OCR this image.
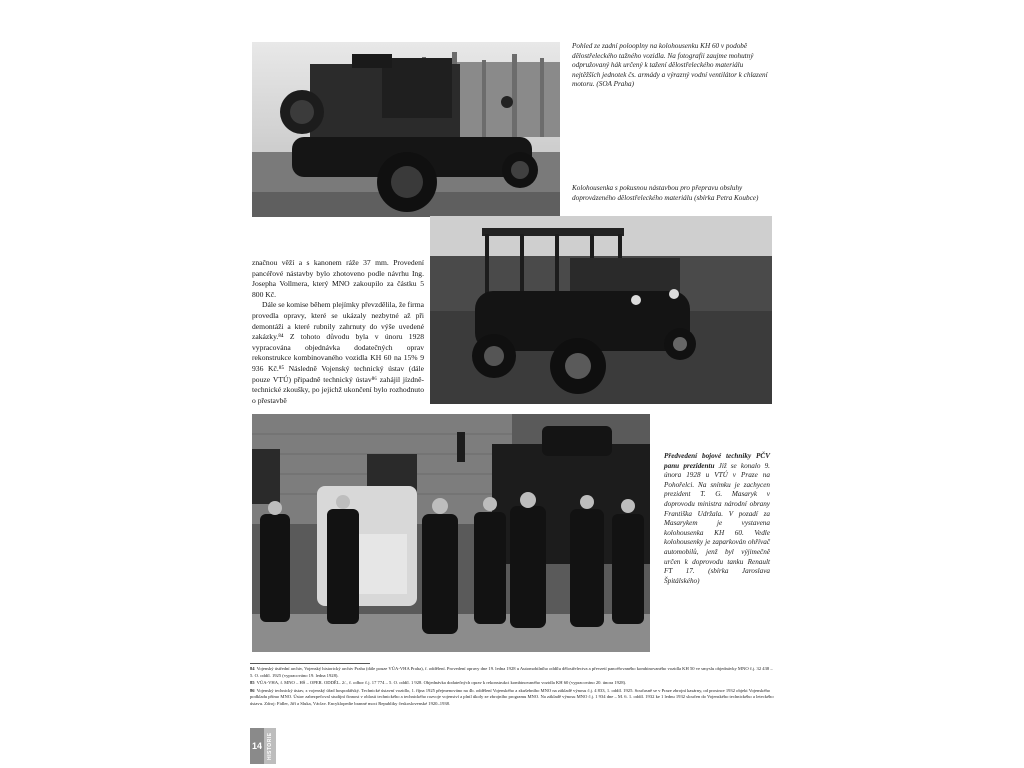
Pohled ze zadní polooplny na kolohousenku KH 60 v podobě dělostřeleckého tažného vozidla. Na fotografii zaujme mohutný odpružovaný hák určený k tažení dělostřeleckého materiálu nejtěžších jednotek čs. armády a výrazný vodní ventilátor k chlazení motoru. (SOA Praha)
Kolohousenka s pokusnou nástavbou pro přepravu obsluhy doprovázeného dělostřeleckého materiálu (sbírka Petra Koubce)

značnou věží a s kanonem ráže 37 mm. Provedení pancéřové nástavby bylo zhotoveno podle návrhu Ing. Josepha Vollmera, který MNO zakoupilo za částku 5 800 Kč.

Dále se komise během plejímky převzdělila, že firma provedla opravy, které se ukázaly nezbytné až při demontáži a které rubnily zahrnuty do výše uvedené zakázky.⁸⁴ Z tohoto důvodu byla v únoru 1928 vypracována objednávka dodatečných oprav rekonstrukce kombinovaného vozidla KH 60 na 15% 9 936 Kč.⁸⁵ Následně Vojenský technický ústav (dále pouze VTÚ) připadně technický ústav⁸⁶ zahájil jízdně-technické zkoušky, po jejichž ukončení bylo rozhodnuto o přestavbě

Předvedení bojové techniky PČV panu prezidentu Již se konalo 9. února 1928 u VTÚ v Praze na Pohořelci. Na snímku je zachycen prezident T. G. Masaryk v doprovodu ministra národní obrany Františka Udržala. V pozadí za Masarykem je vystavena kolohousenka KH 60. Vedle kolohousenky je zaparkován ohřívač automobilů, jenž byl výjimečně určen k doprovodu tanku Renault FT 17. (sbírka Jaroslava Špitálského)

84 Vojenský ústřední archiv, Vojenský historický archiv Praha (dále pouze VÚA-VHA Praha), f. oddělení. Provedení opravy dne 19. ledna 1928 u Automobilního oddílu dělostřelectva a převzetí pancéřovaného kombinovaného vozidla KH 50 ve smyslu objednávky MNO č.j. 32 438 – 5. O. oddíl. 1925 (vypracováno 19. ledna 1928).

85 VÚA-VHA, f. MNO – HŠ – OPER. ODDĚL. 2/., č. odbor č.j. 17 774 – 5. O. oddíl. 1 928. Objednávka dodatečných oprav k rekonstrukci kombinovaného vozidla KH 60 (vypracováno 20. února 1928).

86 Vojenský technický ústav, z vojenský úřad hospodářský. Technické ústavní vozidlo, 1. října 1925 přejmenováno na 4b. oddělení Vojenského a zkušebního MNO na základě výnosu č.j. 4 833, 1. oddíl. 1925. Současně se v Praze zbrojní kasárny, od prosince 1932 objekt Vojenského podkladu přímo MNO. Ústav zabezpečoval studijní činnost v oblasti technického a technického rozvoje vojenství a plnil úkoly ze zbrojního programu MNO. Na základě výnosu MNO č.j. 1 934 dne – M. 6. 1. oddíl. 1932 ke 1 lednu 1932 sloučen do Vojenského technického a leteckého ústavu. Zdroj: Fidler, Jiří a Sluka, Václav. Encyklopedie branné moci Republiky československé 1920–1938.

14	HISTORIE
